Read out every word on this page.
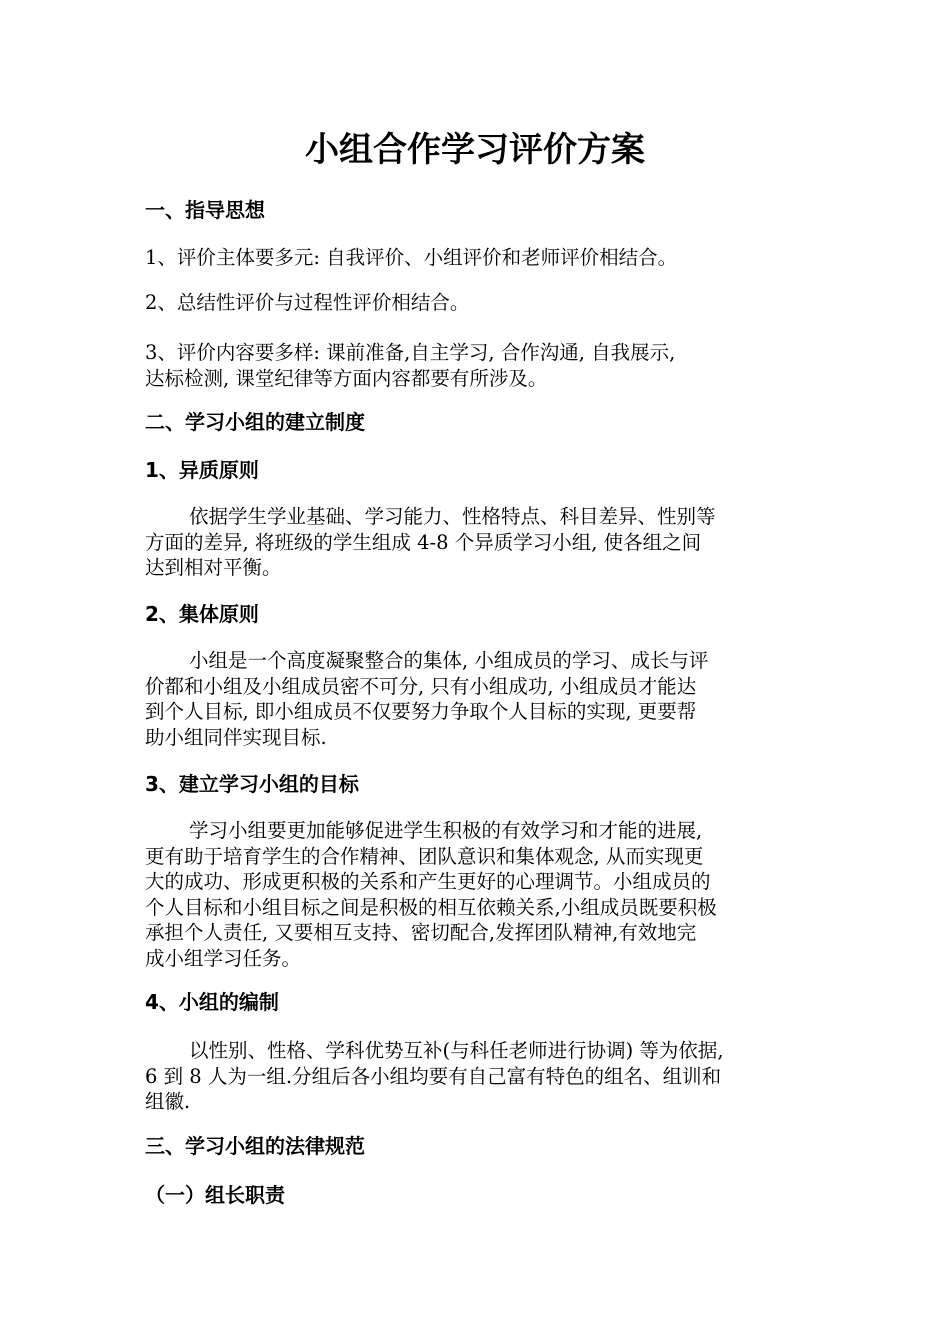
小组合作学习评价方案
一、指导思想

1、评价主体要多元: 自我评价、小组评价和老师评价相结合。

2、总结性评价与过程性评价相结合。

3、评价内容要多样: 课前准备,自主学习, 合作沟通, 自我展示,
达标检测, 课堂纪律等方面内容都要有所涉及。

二、学习小组的建立制度
1、异质原则

依据学生学业基础、学习能力、性格特点、科目差异、性别等
方面的差异, 将班级的学生组成 4-8 个异质学习小组, 使各组之间
达到相对平衡。

2、集体原则

小组是一个高度凝聚整合的集体, 小组成员的学习、成长与评
价都和小组及小组成员密不可分, 只有小组成功, 小组成员才能达
到个人目标, 即小组成员不仅要努力争取个人目标的实现, 更要帮
助小组同伴实现目标.

3、建立学习小组的目标

学习小组要更加能够促进学生积极的有效学习和才能的进展,
更有助于培育学生的合作精神、团队意识和集体观念, 从而实现更
大的成功、形成更积极的关系和产生更好的心理调节。小组成员的
个人目标和小组目标之间是积极的相互依赖关系,小组成员既要积极
承担个人责任, 又要相互支持、密切配合,发挥团队精神,有效地完
成小组学习任务。

4、小组的编制

以性别、性格、学科优势互补(与科任老师进行协调) 等为依据,
6 到 8 人为一组.分组后各小组均要有自己富有特色的组名、组训和
组徽.

三、学习小组的法律规范
（一）组长职责
